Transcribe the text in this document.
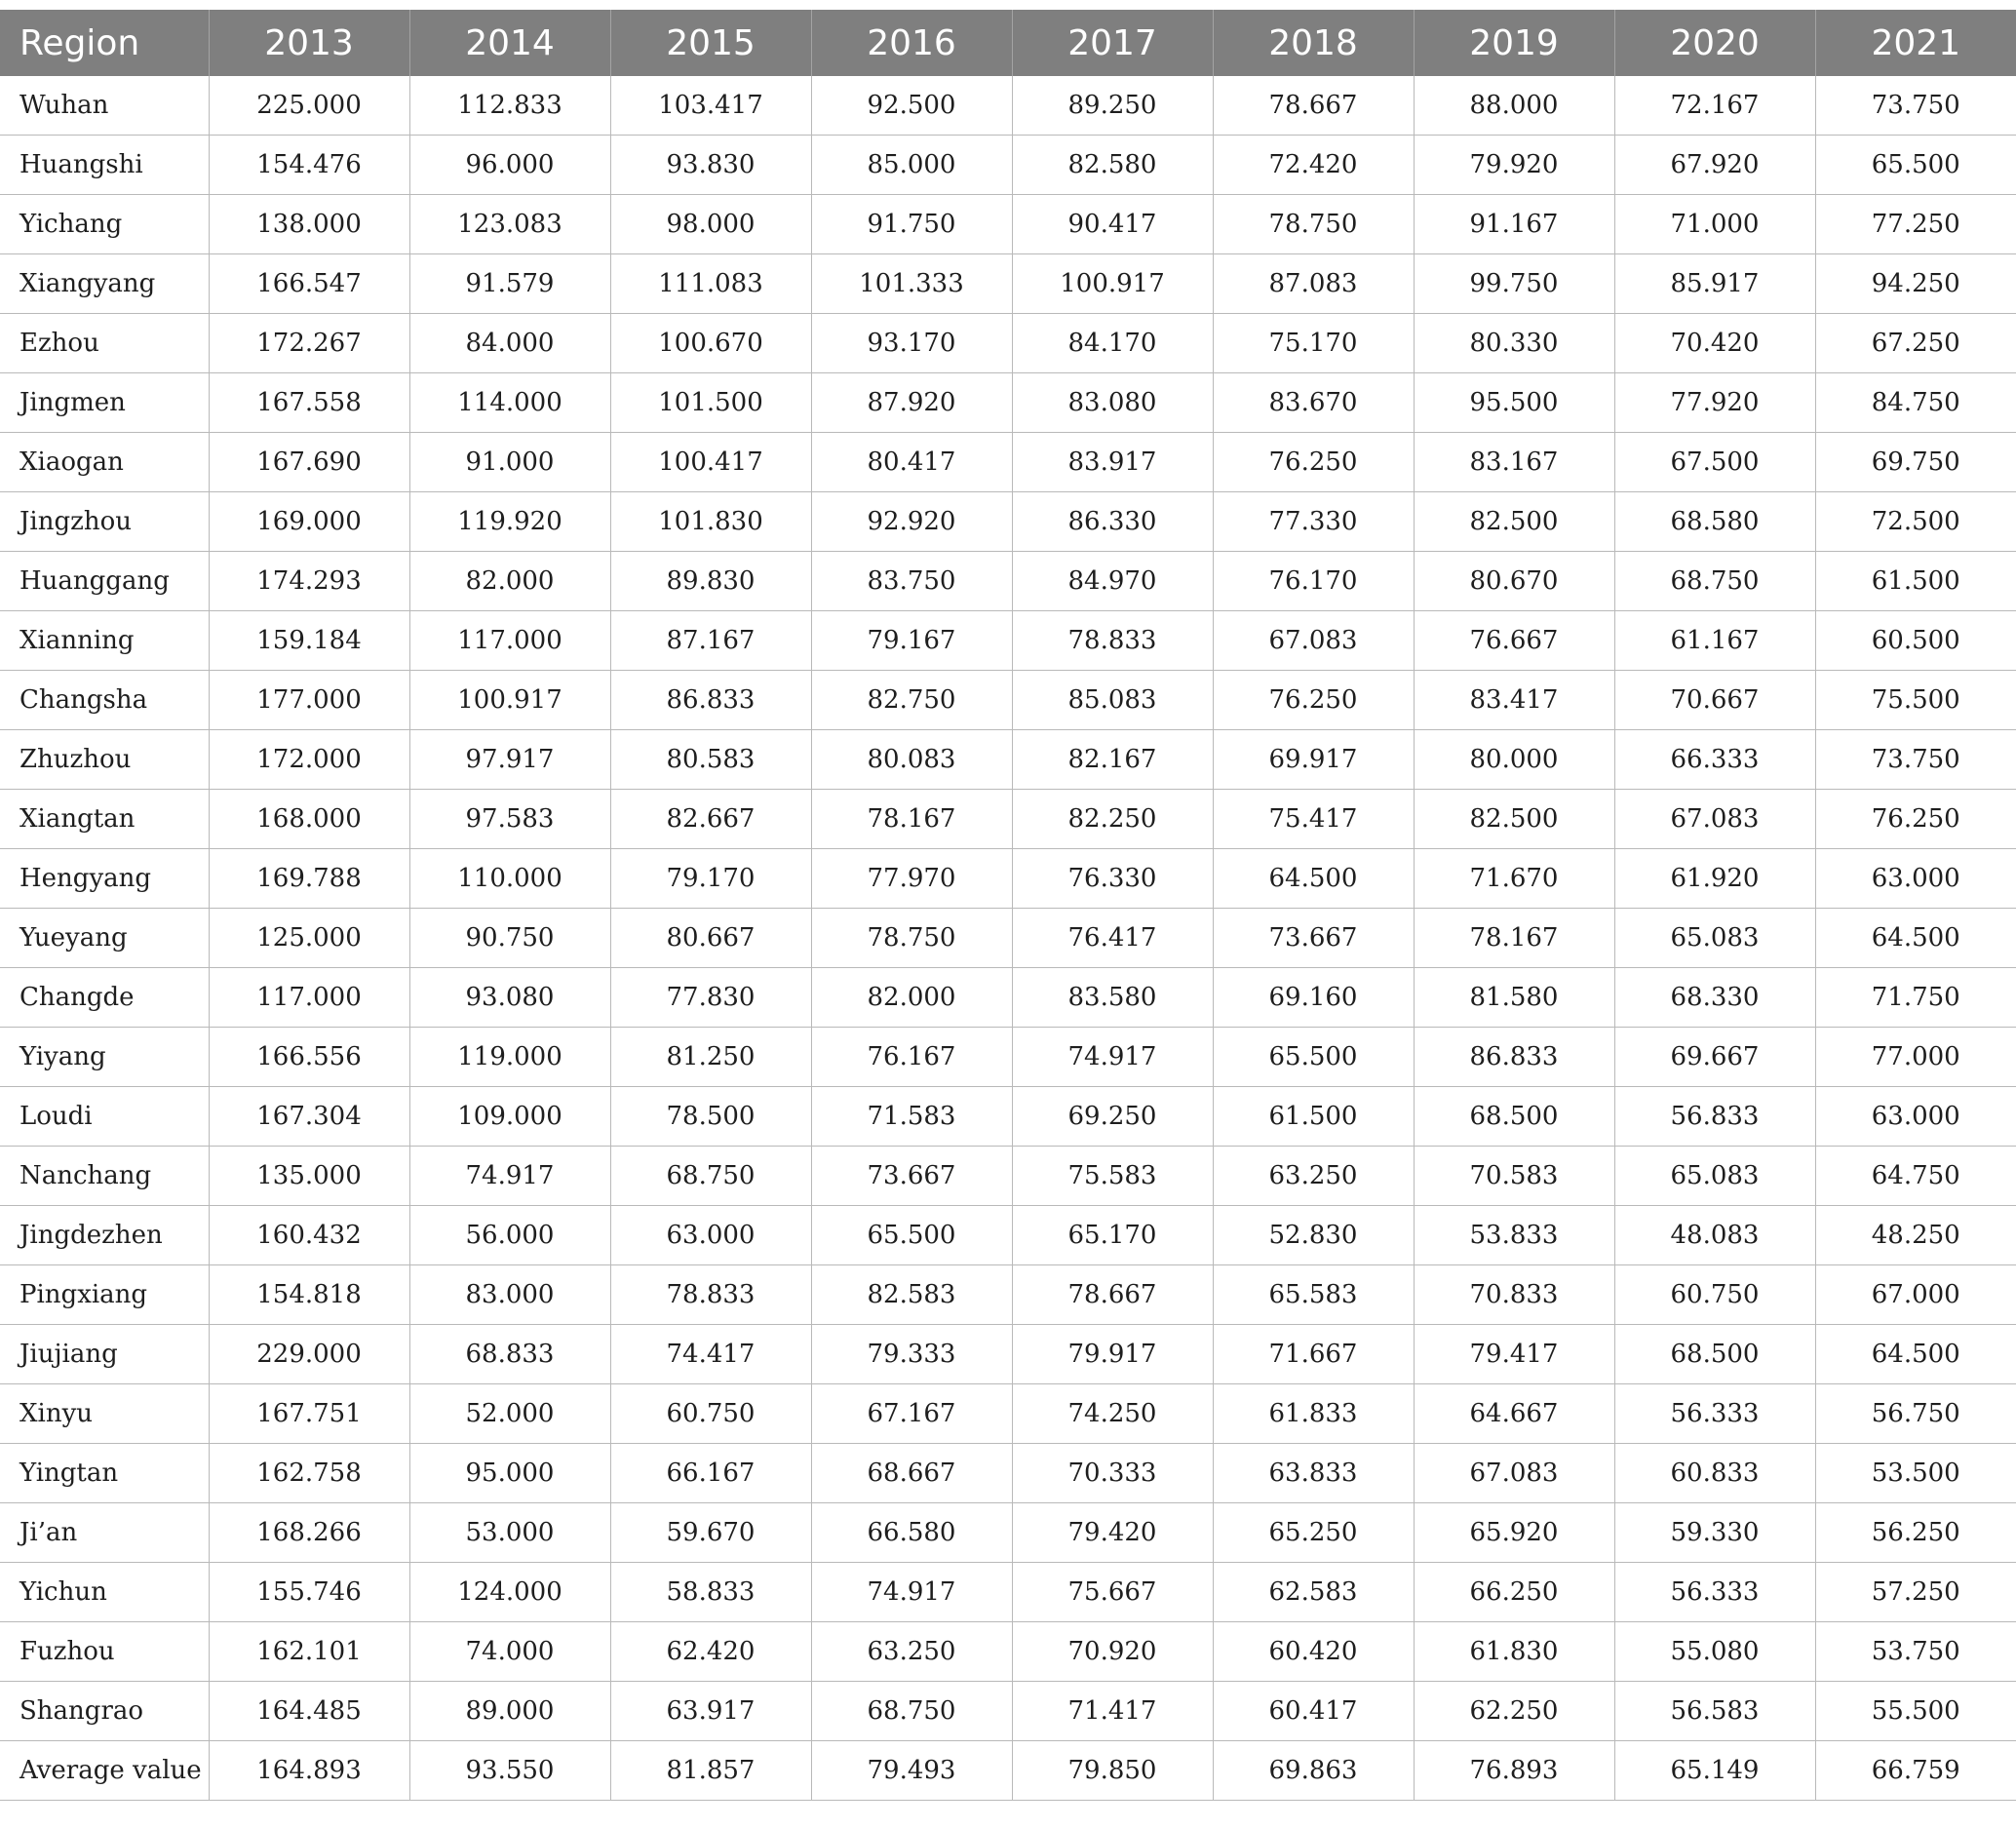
Region	2013	2014	2015	2016	2017	2018	2019	2020	2021
Wuhan	225.000	112.833	103.417	92.500	89.250	78.667	88.000	72.167	73.750
Huangshi	154.476	96.000	93.830	85.000	82.580	72.420	79.920	67.920	65.500
Yichang	138.000	123.083	98.000	91.750	90.417	78.750	91.167	71.000	77.250
Xiangyang	166.547	91.579	111.083	101.333	100.917	87.083	99.750	85.917	94.250
Ezhou	172.267	84.000	100.670	93.170	84.170	75.170	80.330	70.420	67.250
Jingmen	167.558	114.000	101.500	87.920	83.080	83.670	95.500	77.920	84.750
Xiaogan	167.690	91.000	100.417	80.417	83.917	76.250	83.167	67.500	69.750
Jingzhou	169.000	119.920	101.830	92.920	86.330	77.330	82.500	68.580	72.500
Huanggang	174.293	82.000	89.830	83.750	84.970	76.170	80.670	68.750	61.500
Xianning	159.184	117.000	87.167	79.167	78.833	67.083	76.667	61.167	60.500
Changsha	177.000	100.917	86.833	82.750	85.083	76.250	83.417	70.667	75.500
Zhuzhou	172.000	97.917	80.583	80.083	82.167	69.917	80.000	66.333	73.750
Xiangtan	168.000	97.583	82.667	78.167	82.250	75.417	82.500	67.083	76.250
Hengyang	169.788	110.000	79.170	77.970	76.330	64.500	71.670	61.920	63.000
Yueyang	125.000	90.750	80.667	78.750	76.417	73.667	78.167	65.083	64.500
Changde	117.000	93.080	77.830	82.000	83.580	69.160	81.580	68.330	71.750
Yiyang	166.556	119.000	81.250	76.167	74.917	65.500	86.833	69.667	77.000
Loudi	167.304	109.000	78.500	71.583	69.250	61.500	68.500	56.833	63.000
Nanchang	135.000	74.917	68.750	73.667	75.583	63.250	70.583	65.083	64.750
Jingdezhen	160.432	56.000	63.000	65.500	65.170	52.830	53.833	48.083	48.250
Pingxiang	154.818	83.000	78.833	82.583	78.667	65.583	70.833	60.750	67.000
Jiujiang	229.000	68.833	74.417	79.333	79.917	71.667	79.417	68.500	64.500
Xinyu	167.751	52.000	60.750	67.167	74.250	61.833	64.667	56.333	56.750
Yingtan	162.758	95.000	66.167	68.667	70.333	63.833	67.083	60.833	53.500
Ji’an	168.266	53.000	59.670	66.580	79.420	65.250	65.920	59.330	56.250
Yichun	155.746	124.000	58.833	74.917	75.667	62.583	66.250	56.333	57.250
Fuzhou	162.101	74.000	62.420	63.250	70.920	60.420	61.830	55.080	53.750
Shangrao	164.485	89.000	63.917	68.750	71.417	60.417	62.250	56.583	55.500
Average value	164.893	93.550	81.857	79.493	79.850	69.863	76.893	65.149	66.759
